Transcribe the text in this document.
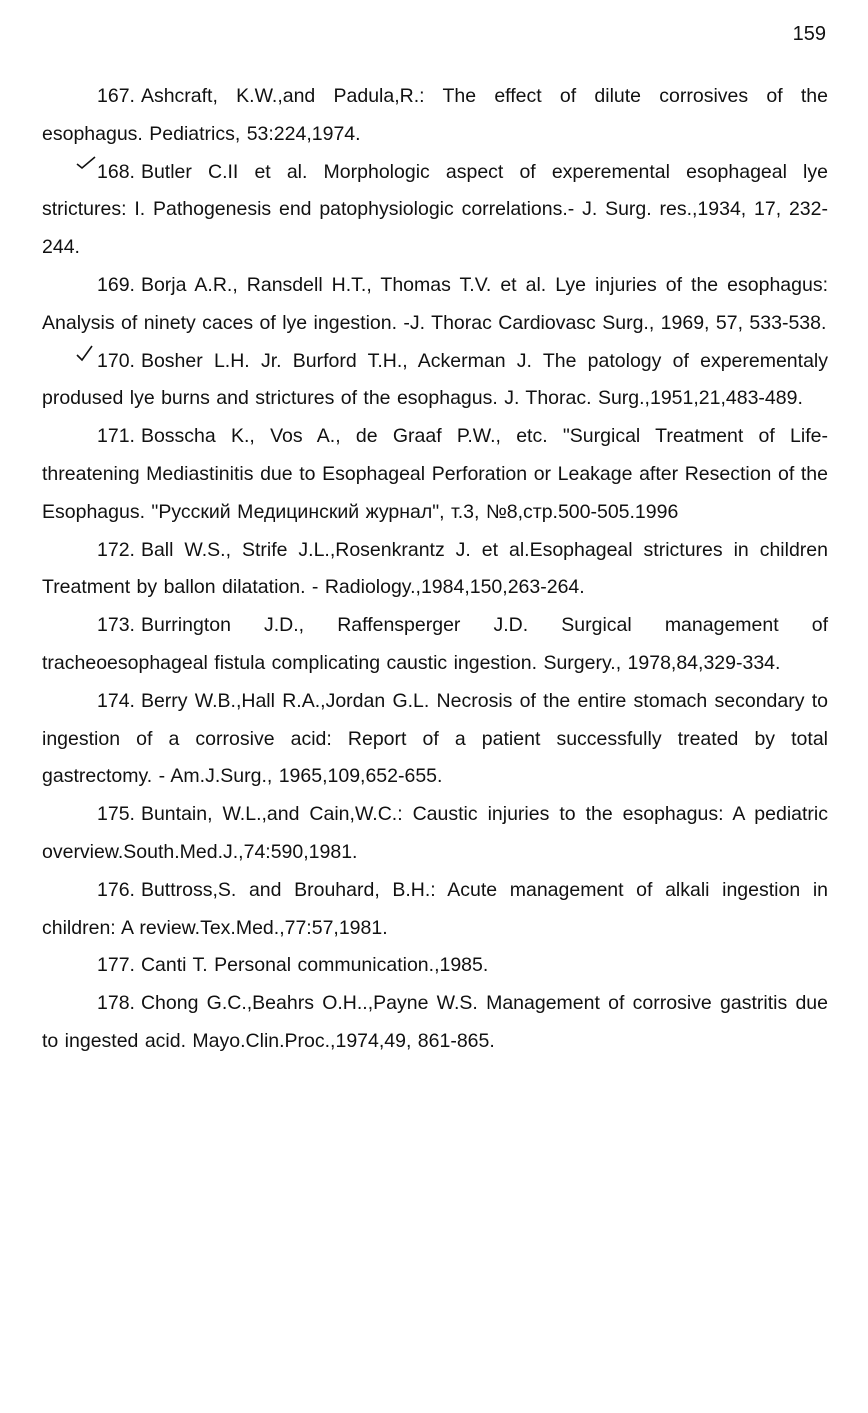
159
167. Ashcraft, K.W.,and Padula,R.: The effect of dilute corrosives of the esophagus. Pediatrics, 53:224,1974.
168. Butler C.II et al. Morphologic aspect of experemental esophageal lye strictures: I. Pathogenesis end patophysiologic correlations.- J. Surg. res.,1934, 17, 232-244.
169. Borja A.R., Ransdell H.T., Thomas T.V. et al. Lye injuries of the esophagus: Analysis of ninety caces of lye ingestion. -J. Thorac Cardiovasc Surg., 1969, 57, 533-538.
170. Bosher L.H. Jr. Burford T.H., Ackerman J. The patology of experementaly prodused lye burns and strictures of the esophagus. J. Thorac. Surg.,1951,21,483-489.
171. Bosscha K., Vos A., de Graaf P.W., etc. "Surgical Treatment of Life-threatening Mediastinitis due to Esophageal Perforation or Leakage after Resection of the Esophagus. "Русский Медицинский журнал", т.3, №8,стр.500-505.1996
172. Ball W.S., Strife J.L.,Rosenkrantz J. et al.Esophageal strictures in children Treatment by ballon dilatation. - Radiology.,1984,150,263-264.
173. Burrington J.D., Raffensperger J.D. Surgical management of tracheoesophageal fistula complicating caustic ingestion. Surgery., 1978,84,329-334.
174. Berry W.B.,Hall R.A.,Jordan G.L. Necrosis of the entire stomach secondary to ingestion of a corrosive acid: Report of a patient successfully treated by total gastrectomy. - Am.J.Surg., 1965,109,652-655.
175. Buntain, W.L.,and Cain,W.C.: Caustic injuries to the esophagus: A pediatric overview.South.Med.J.,74:590,1981.
176. Buttross,S. and Brouhard, B.H.: Acute management of alkali ingestion in children: A review.Tex.Med.,77:57,1981.
177. Canti T. Personal communication.,1985.
178. Chong G.C.,Beahrs O.H..,Payne W.S. Management of corrosive gastritis due to ingested acid. Mayo.Clin.Proc.,1974,49, 861-865.
